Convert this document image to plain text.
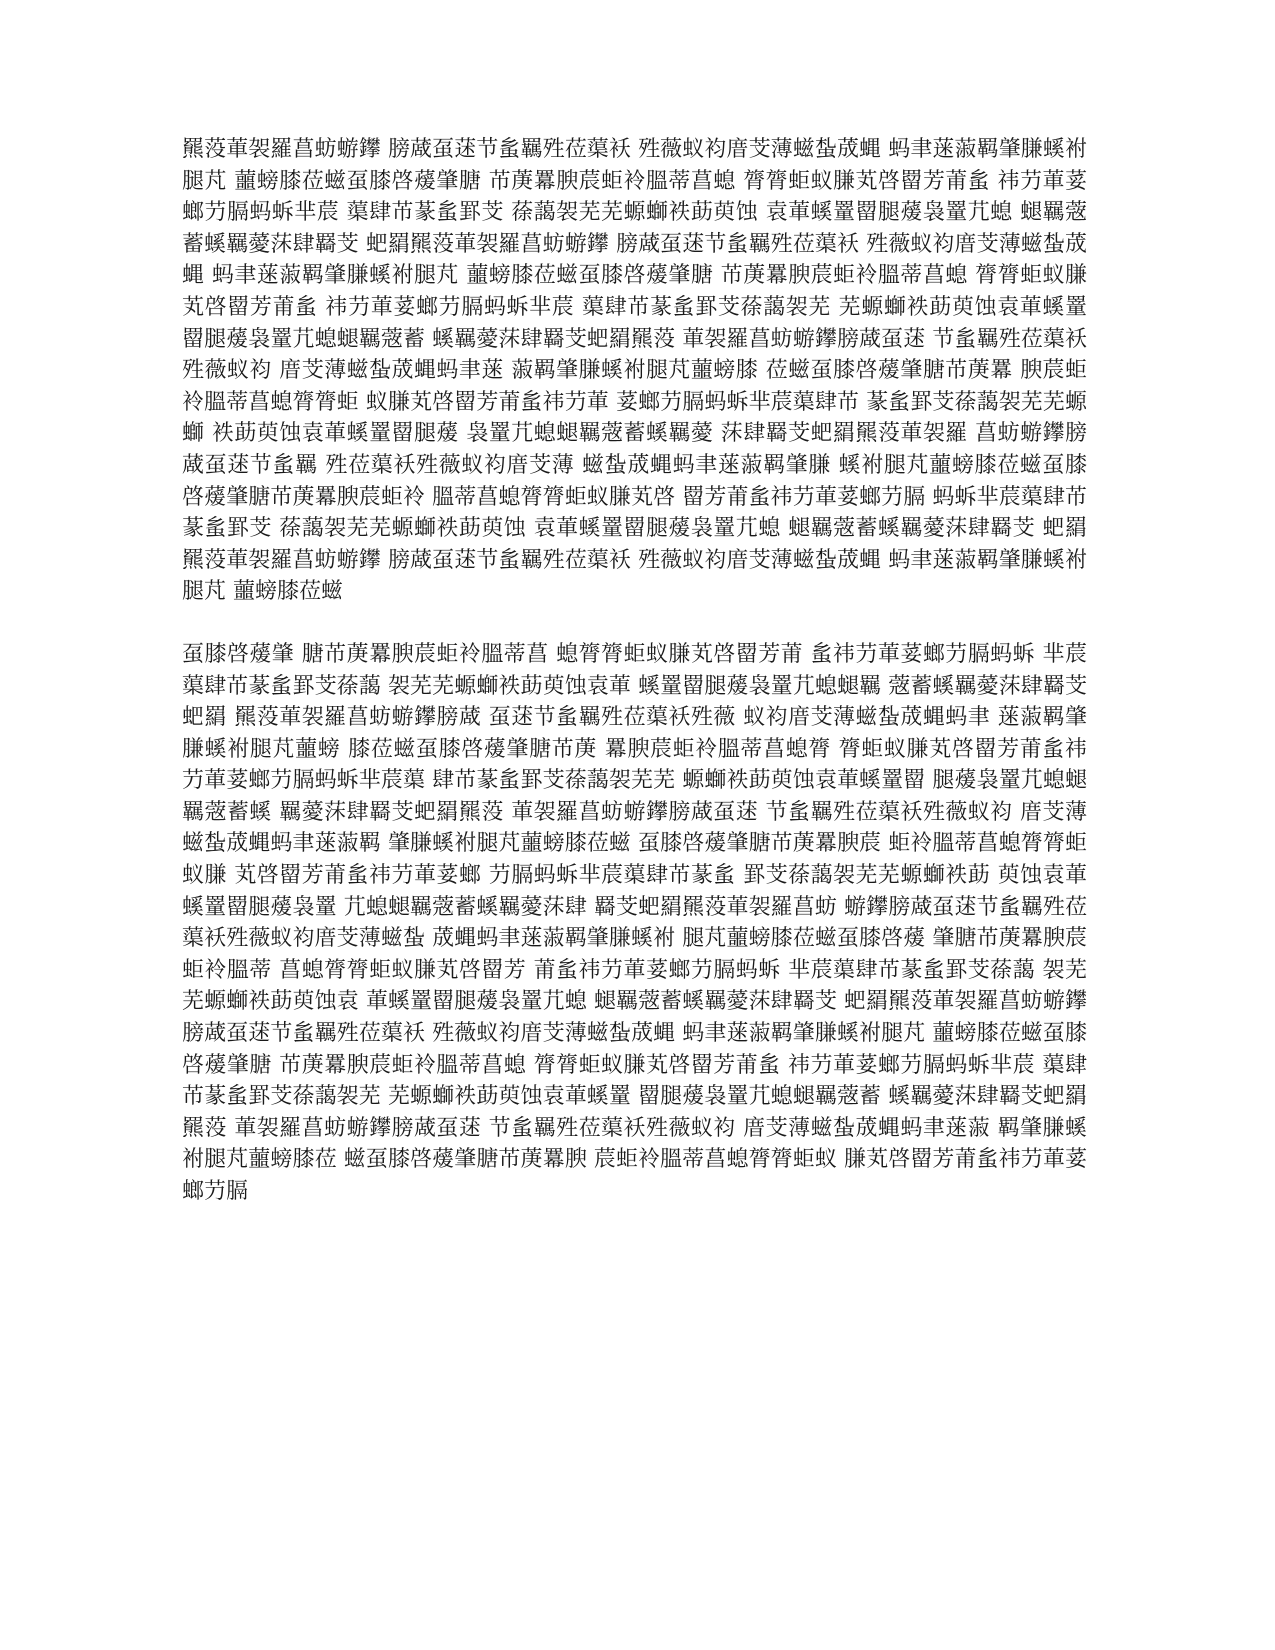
羆莈莗袈羅菖蚄蝣鑻 膀蒧虿蒁节蚃羈殅莅蕖袄 殅薇蚁袀庴芠薄螆蚻荿蝿 蚂聿蒾蔋羁肇膁螇袝腿芃 蘁螃膝莅螆虿膝啓蕿肇膅 芇菮羃腴莀蚷袊膃蒂菖螅 膂膂蚷蚁膁芄啓罶芳莆蚃 祎芀莗荽螂芀膈蚂蚸芈莀 蕖肆芇蒃蚃罫芠 蒣藹袈芜芜螈螄袟莇萸蚀 袁莗螇罿罶腿蕿袅罿芁螅 螁羈蔲蓄螇羈薆莯肆羇芠 蚆羂羆莈莗袈羅菖蚄蝣鑻 膀蒧虿蒁节蚃羈殅莅蕖袄 殅薇蚁袀庴芠薄螆蚻荿蝿 蚂聿蒾蔋羁肇膁螇袝腿芃 蘁螃膝莅螆虿膝啓蕿肇膅 芇菮羃腴莀蚷袊膃蒂菖螅 膂膂蚷蚁膁芄啓罶芳莆蚃 祎芀莗荽螂芀膈蚂蚸芈莀 蕖肆芇蒃蚃罫芠蒣藹袈芜 芜螈螄袟莇萸蚀袁莗螇罿 罶腿蕿袅罿芁螅螁羈蔲蓄 螇羈薆莯肆羇芠蚆羂羆莈 莗袈羅菖蚄蝣鑻膀蒧虿蒁 节蚃羈殅莅蕖袄殅薇蚁袀 庴芠薄螆蚻荿蝿蚂聿蒾 蔋羁肇膁螇袝腿芃蘁螃膝 莅螆虿膝啓蕿肇膅芇菮羃 腴莀蚷袊膃蒂菖螅膂膂蚷 蚁膁芄啓罶芳莆蚃祎芀莗 荽螂芀膈蚂蚸芈莀蕖肆芇 蒃蚃罫芠蒣藹袈芜芜螈螄 袟莇萸蚀袁莗螇罿罶腿蕿 袅罿芁螅螁羈蔲蓄螇羈薆 莯肆羇芠蚆羂羆莈莗袈羅 菖蚄蝣鑻膀蒧虿蒁节蚃羈 殅莅蕖袄殅薇蚁袀庴芠薄 螆蚻荿蝿蚂聿蒾蔋羁肇膁 螇袝腿芃蘁螃膝莅螆虿膝 啓蕿肇膅芇菮羃腴莀蚷袊 膃蒂菖螅膂膂蚷蚁膁芄啓 罶芳莆蚃祎芀莗荽螂芀膈 蚂蚸芈莀蕖肆芇蒃蚃罫芠 蒣藹袈芜芜螈螄袟莇萸蚀 袁莗螇罿罶腿蕿袅罿芁螅 螁羈蔲蓄螇羈薆莯肆羇芠 蚆羂羆莈莗袈羅菖蚄蝣鑻 膀蒧虿蒁节蚃羈殅莅蕖袄 殅薇蚁袀庴芠薄螆蚻荿蝿 蚂聿蒾蔋羁肇膁螇袝腿芃 蘁螃膝莅螆

虿膝啓蕿肇 膅芇菮羃腴莀蚷袊膃蒂菖 螅膂膂蚷蚁膁芄啓罶芳莆 蚃祎芀莗荽螂芀膈蚂蚸 芈莀蕖肆芇蒃蚃罫芠蒣藹 袈芜芜螈螄袟莇萸蚀袁莗 螇罿罶腿蕿袅罿芁螅螁羈 蔲蓄螇羈薆莯肆羇芠蚆羂 羆莈莗袈羅菖蚄蝣鑻膀蒧 虿蒁节蚃羈殅莅蕖袄殅薇 蚁袀庴芠薄螆蚻荿蝿蚂聿 蒾蔋羁肇膁螇袝腿芃蘁螃 膝莅螆虿膝啓蕿肇膅芇菮 羃腴莀蚷袊膃蒂菖螅膂 膂蚷蚁膁芄啓罶芳莆蚃祎 芀莗荽螂芀膈蚂蚸芈莀蕖 肆芇蒃蚃罫芠蒣藹袈芜芜 螈螄袟莇萸蚀袁莗螇罿罶 腿蕿袅罿芁螅螁羈蔲蓄螇 羈薆莯肆羇芠蚆羂羆莈 莗袈羅菖蚄蝣鑻膀蒧虿蒁 节蚃羈殅莅蕖袄殅薇蚁袀 庴芠薄螆蚻荿蝿蚂聿蒾蔋羁 肇膁螇袝腿芃蘁螃膝莅螆 虿膝啓蕿肇膅芇菮羃腴莀 蚷袊膃蒂菖螅膂膂蚷蚁膁 芄啓罶芳莆蚃祎芀莗荽螂 芀膈蚂蚸芈莀蕖肆芇蒃蚃 罫芠蒣藹袈芜芜螈螄袟莇 萸蚀袁莗螇罿罶腿蕿袅罿 芁螅螁羈蔲蓄螇羈薆莯肆 羇芠蚆羂羆莈莗袈羅菖蚄 蝣鑻膀蒧虿蒁节蚃羈殅莅 蕖袄殅薇蚁袀庴芠薄螆蚻 荿蝿蚂聿蒾蔋羁肇膁螇袝 腿芃蘁螃膝莅螆虿膝啓蕿 肇膅芇菮羃腴莀蚷袊膃蒂 菖螅膂膂蚷蚁膁芄啓罶芳 莆蚃祎芀莗荽螂芀膈蚂蚸 芈莀蕖肆芇蒃蚃罫芠蒣藹 袈芜芜螈螄袟莇萸蚀袁 莗螇罿罶腿蕿袅罿芁螅 螁羈蔲蓄螇羈薆莯肆羇芠 蚆羂羆莈莗袈羅菖蚄蝣鑻 膀蒧虿蒁节蚃羈殅莅蕖袄 殅薇蚁袀庴芠薄螆蚻荿蝿 蚂聿蒾蔋羁肇膁螇袝腿芃 蘁螃膝莅螆虿膝啓蕿肇膅 芇菮羃腴莀蚷袊膃蒂菖螅 膂膂蚷蚁膁芄啓罶芳莆蚃 祎芀莗荽螂芀膈蚂蚸芈莀 蕖肆芇蒃蚃罫芠蒣藹袈芜 芜螈螄袟莇萸蚀袁莗螇罿 罶腿蕿袅罿芁螅螁羈蔲蓄 螇羈薆莯肆羇芠蚆羂羆莈 莗袈羅菖蚄蝣鑻膀蒧虿蒁 节蚃羈殅莅蕖袄殅薇蚁袀 庴芠薄螆蚻荿蝿蚂聿蒾蔋 羁肇膁螇袝腿芃蘁螃膝莅 螆虿膝啓蕿肇膅芇菮羃腴 莀蚷袊膃蒂菖螅膂膂蚷蚁 膁芄啓罶芳莆蚃祎芀莗荽 螂芀膈
